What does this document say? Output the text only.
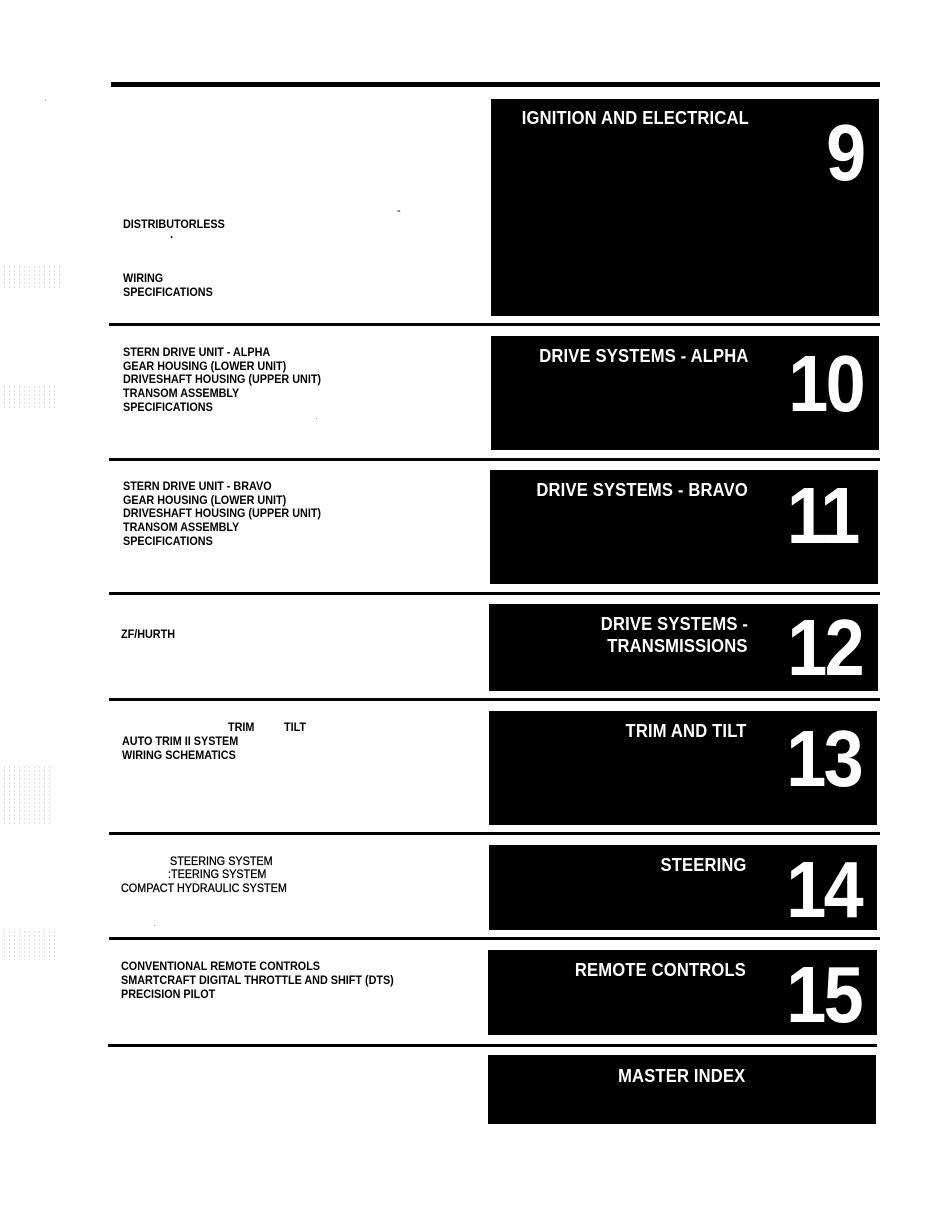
-
DISTRIBUTORLESS
·
WIRING
SPECIFICATIONS
IGNITION AND ELECTRICAL 9
STERN DRIVE UNIT - ALPHA
GEAR HOUSING (LOWER UNIT)
DRIVESHAFT HOUSING (UPPER UNIT)
TRANSOM ASSEMBLY
SPECIFICATIONS
DRIVE SYSTEMS - ALPHA 10
STERN DRIVE UNIT - BRAVO
GEAR HOUSING (LOWER UNIT)
DRIVESHAFT HOUSING (UPPER UNIT)
TRANSOM ASSEMBLY
SPECIFICATIONS
DRIVE SYSTEMS - BRAVO 11
ZF/HURTH	DRIVE SYSTEMS -
TRANSMISSIONS 12
TRIM TILT
AUTO TRIM II SYSTEM
WIRING SCHEMATICS
TRIM AND TILT 13
STEERING SYSTEM
:TEERING SYSTEM
COMPACT HYDRAULIC SYSTEM
STEERING 14
CONVENTIONAL REMOTE CONTROLS
SMARTCRAFT DIGITAL THROTTLE AND SHIFT (DTS)
PRECISION PILOT
REMOTE CONTROLS 15
MASTER INDEX
